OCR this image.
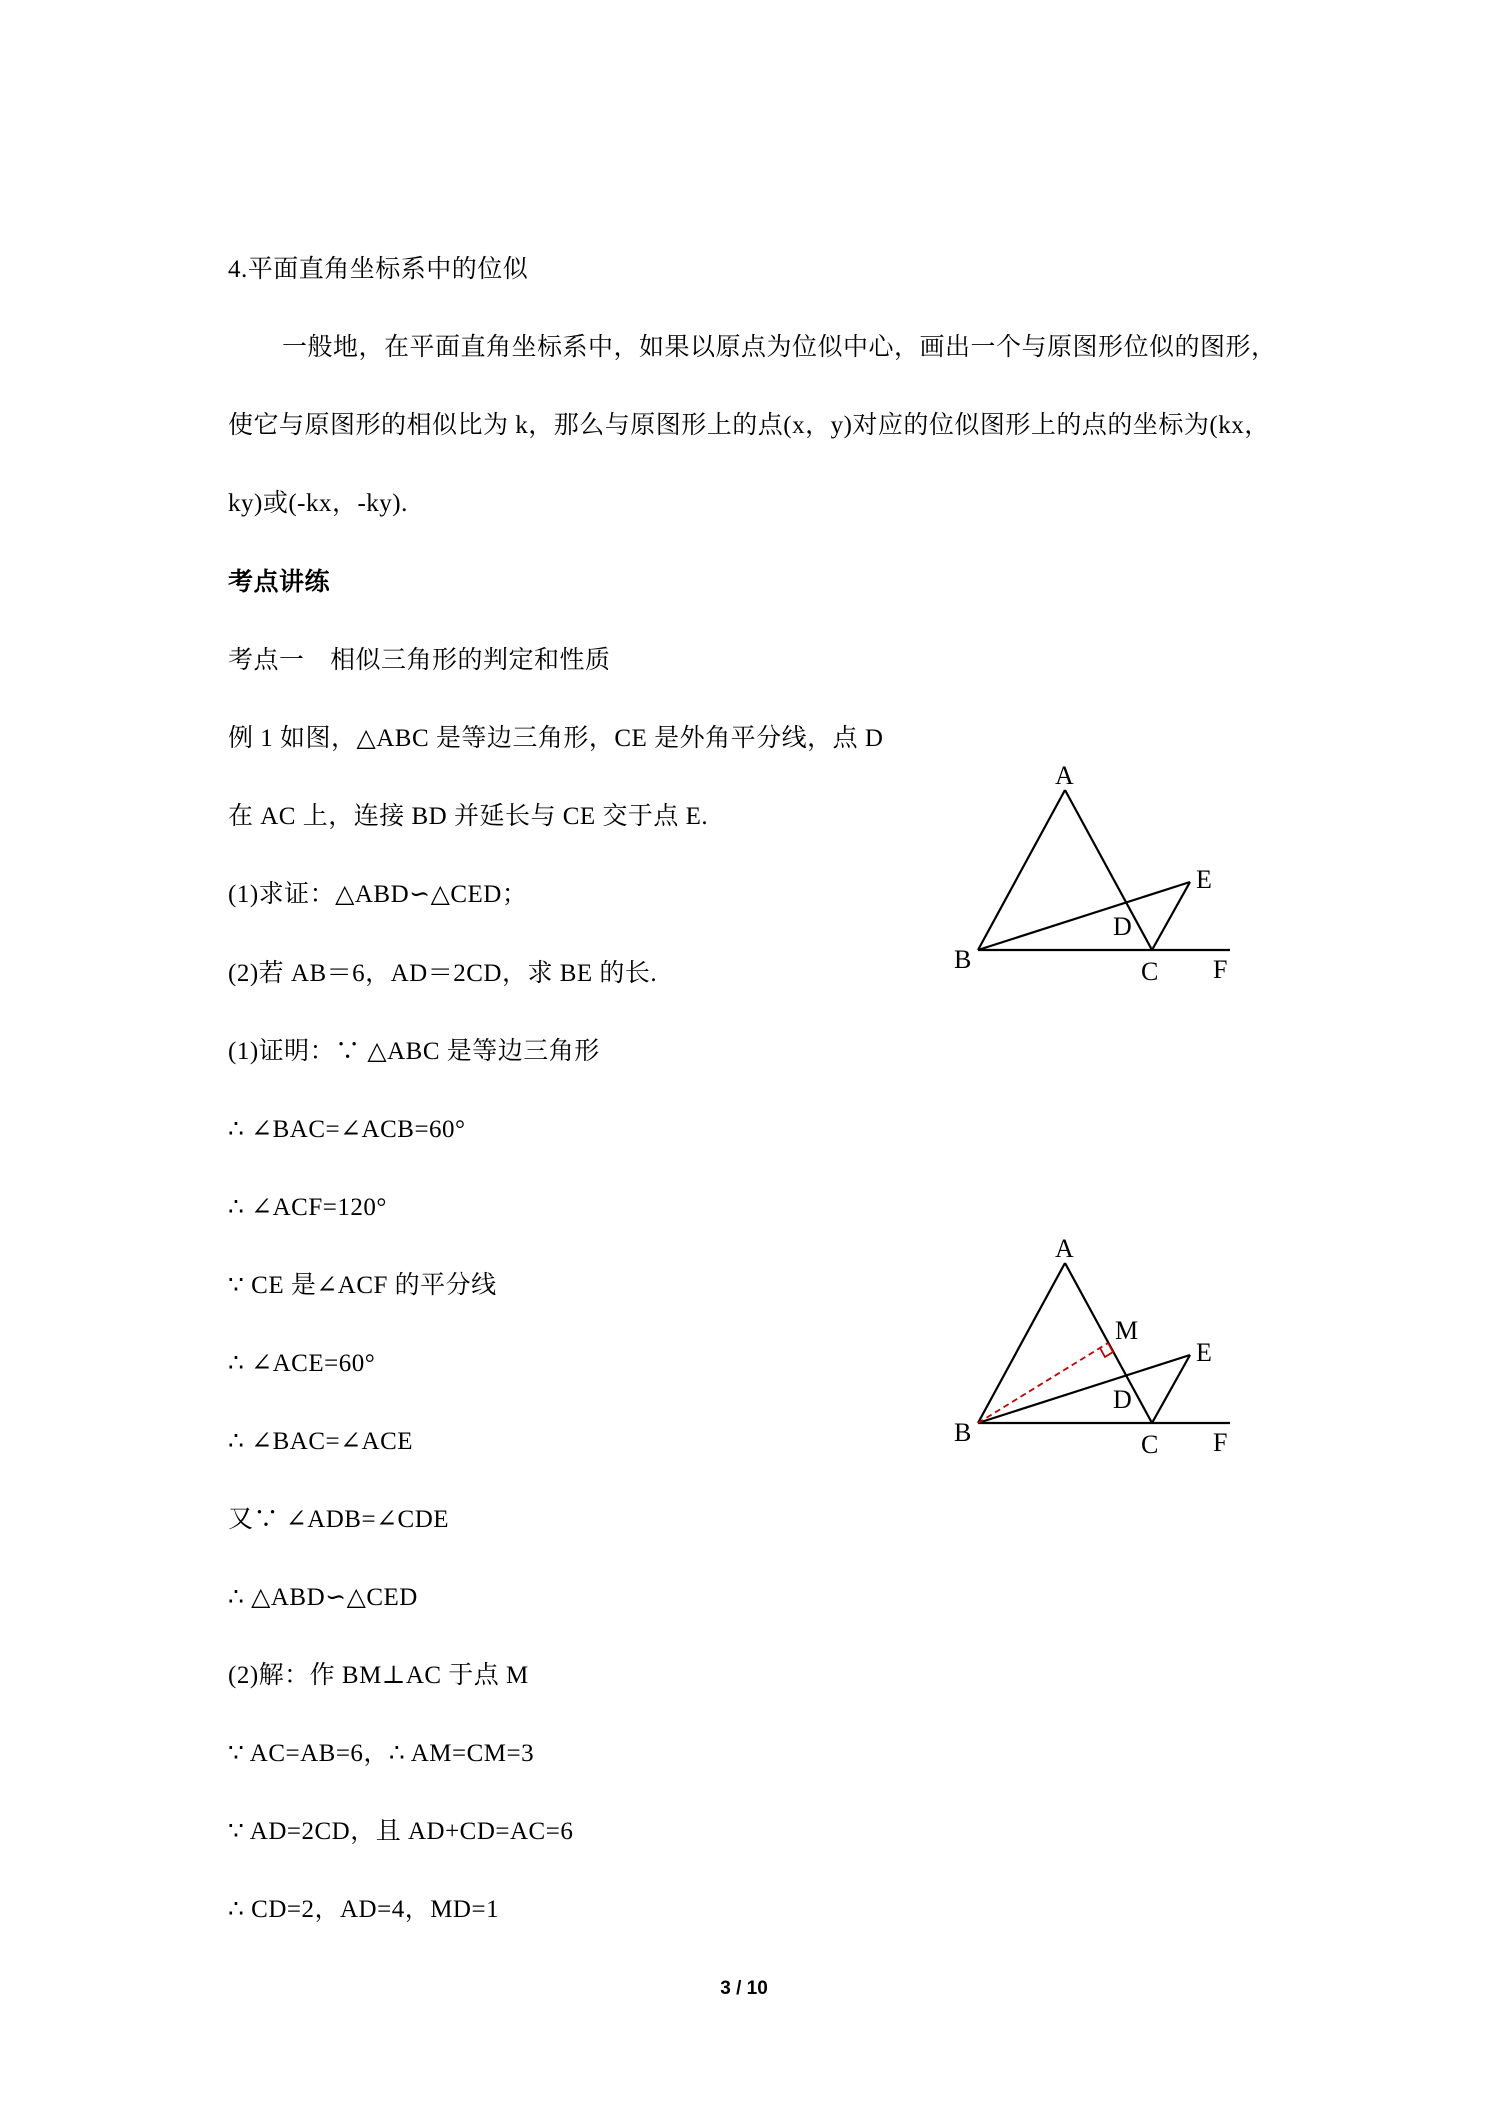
4.平面直角坐标系中的位似
一般地，在平面直角坐标系中，如果以原点为位似中心，画出一个与原图形位似的图形，
使它与原图形的相似比为 k，那么与原图形上的点(x，y)对应的位似图形上的点的坐标为(kx，
ky)或(-kx，-ky).
考点讲练
考点一　相似三角形的判定和性质
例 1 如图，△ABC 是等边三角形，CE 是外角平分线，点 D
在 AC 上，连接 BD 并延长与 CE 交于点 E.
(1)求证：△ABD∽△CED；
(2)若 AB＝6，AD＝2CD，求 BE 的长.
(1)证明：∵ △ABC 是等边三角形
∴ ∠BAC=∠ACB=60°
∴ ∠ACF=120°
∵ CE 是∠ACF 的平分线
∴ ∠ACE=60°
∴ ∠BAC=∠ACE
又∵ ∠ADB=∠CDE
∴ △ABD∽△CED
(2)解：作 BM⊥AC 于点 M
∵ AC=AB=6，∴ AM=CM=3
∵ AD=2CD，且 AD+CD=AC=6
∴ CD=2，AD=4，MD=1
A
B	C
D
E
F
A
B	C
D
E
F
M
3 / 10
